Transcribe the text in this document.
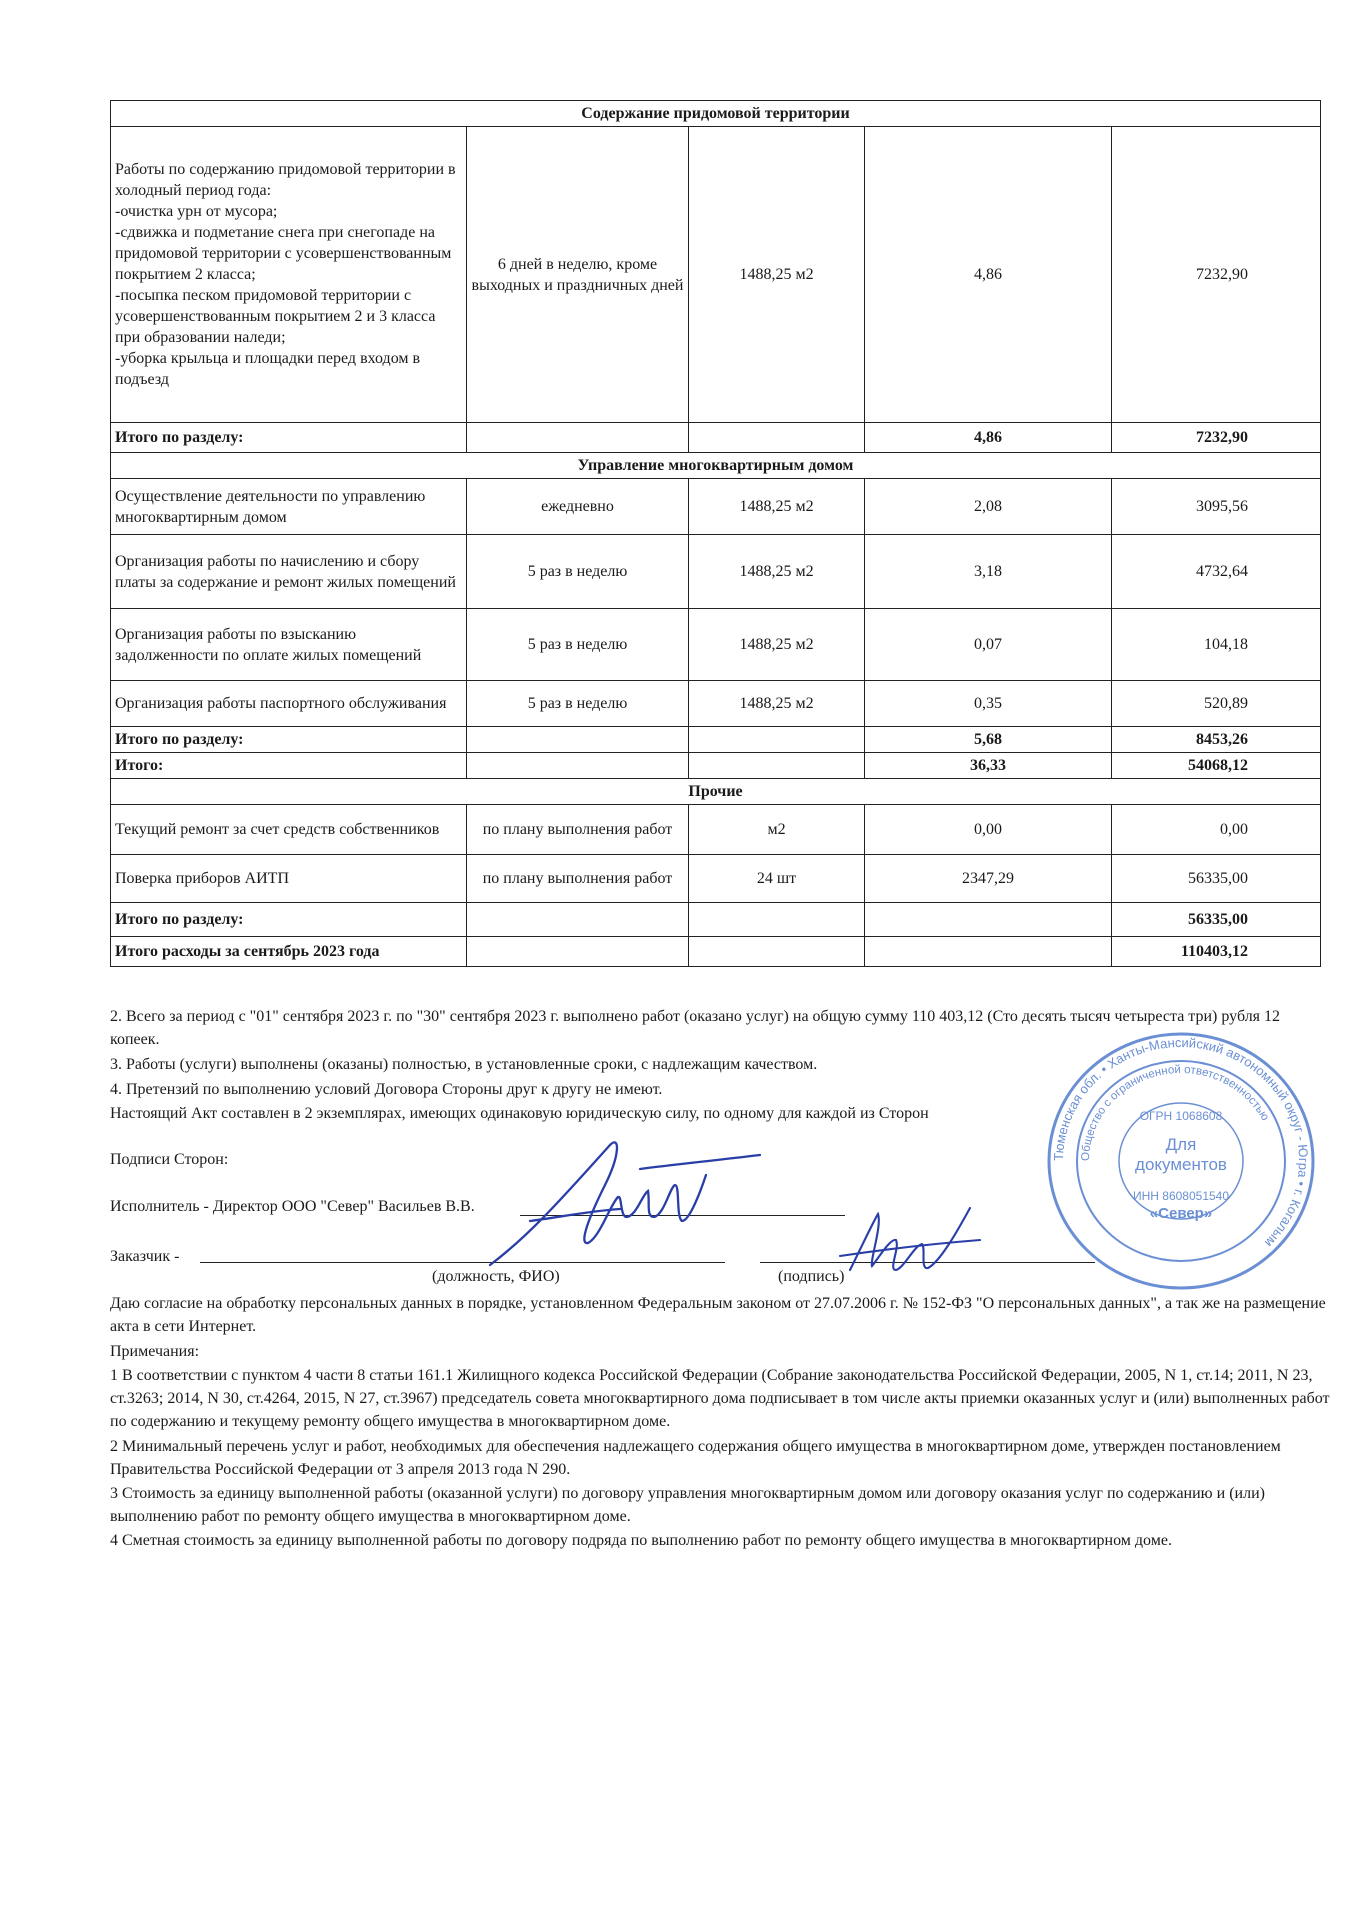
Содержание придомовой территории				
Работы по содержанию придомовой территории в холодный период года:
-очистка урн от мусора;
-сдвижка и подметание снега при снегопаде на придомовой территории с усовершенствованным покрытием 2 класса;
-посыпка песком придомовой территории с усовершенствованным покрытием 2 и 3 класса при образовании наледи;
-уборка крыльца и площадки перед входом в подъезд	6 дней в неделю, кроме выходных и праздничных дней	1488,25 м2	4,86	7232,90
Итого по разделу:			4,86	7232,90
Управление многоквартирным домом				
Осуществление деятельности по управлению многоквартирным домом	ежедневно	1488,25 м2	2,08	3095,56
Организация работы по начислению и сбору платы за содержание и ремонт жилых помещений	5 раз в неделю	1488,25 м2	3,18	4732,64
Организация работы по взысканию задолженности по оплате жилых помещений	5 раз в неделю	1488,25 м2	0,07	104,18
Организация работы паспортного обслуживания	5 раз в неделю	1488,25 м2	0,35	520,89
Итого по разделу:			5,68	8453,26
Итого:			36,33	54068,12
Прочие				
Текущий ремонт за счет средств собственников	по плану выполнения работ	м2	0,00	0,00
Поверка приборов АИТП	по плану выполнения работ	24 шт	2347,29	56335,00
Итого по разделу:				56335,00
Итого расходы за сентябрь 2023 года				110403,12
2. Всего за период с "01" сентября 2023 г. по "30" сентября 2023 г. выполнено работ (оказано услуг) на общую сумму 110 403,12 (Сто десять тысяч четыреста три) рубля 12 копеек.
3. Работы (услуги) выполнены (оказаны) полностью, в установленные сроки, с надлежащим качеством.
4. Претензий по выполнению условий Договора Стороны друг к другу не имеют.
Настоящий Акт составлен в 2 экземплярах, имеющих одинаковую юридическую силу, по одному для каждой из Сторон
Подписи Сторон:
Исполнитель - Директор ООО "Север" Васильев В.В.
Заказчик -
(должность, ФИО)	(подпись)
Даю согласие на обработку персональных данных в порядке, установленном Федеральным законом от 27.07.2006 г. № 152-ФЗ "О персональных данных", а так же на размещение акта в сети Интернет.
Примечания:
1 В соответствии с пунктом 4 части 8 статьи 161.1 Жилищного кодекса Российской Федерации (Собрание законодательства Российской Федерации, 2005, N 1, ст.14; 2011, N 23, ст.3263; 2014, N 30, ст.4264, 2015, N 27, ст.3967) председатель совета многоквартирного дома подписывает в том числе акты приемки оказанных услуг и (или) выполненных работ по содержанию и текущему ремонту общего имущества в многоквартирном доме.
2 Минимальный перечень услуг и работ, необходимых для обеспечения надлежащего содержания общего имущества в многоквартирном доме, утвержден постановлением Правительства Российской Федерации от 3 апреля 2013 года N 290.
3 Стоимость за единицу выполненной работы (оказанной услуги) по договору управления многоквартирным домом или договору оказания услуг по содержанию и (или) выполнению работ по ремонту общего имущества в многоквартирном доме.
4 Сметная стоимость за единицу выполненной работы по договору подряда по выполнению работ по ремонту общего имущества в многоквартирном доме.
Тюменская обл. • Ханты-Мансийский автономный округ - Югра • г. Когалым
Общество с ограниченной ответственностью
Для
документов
ОГРН 1068608
ИНН 8608051540
«Север»
